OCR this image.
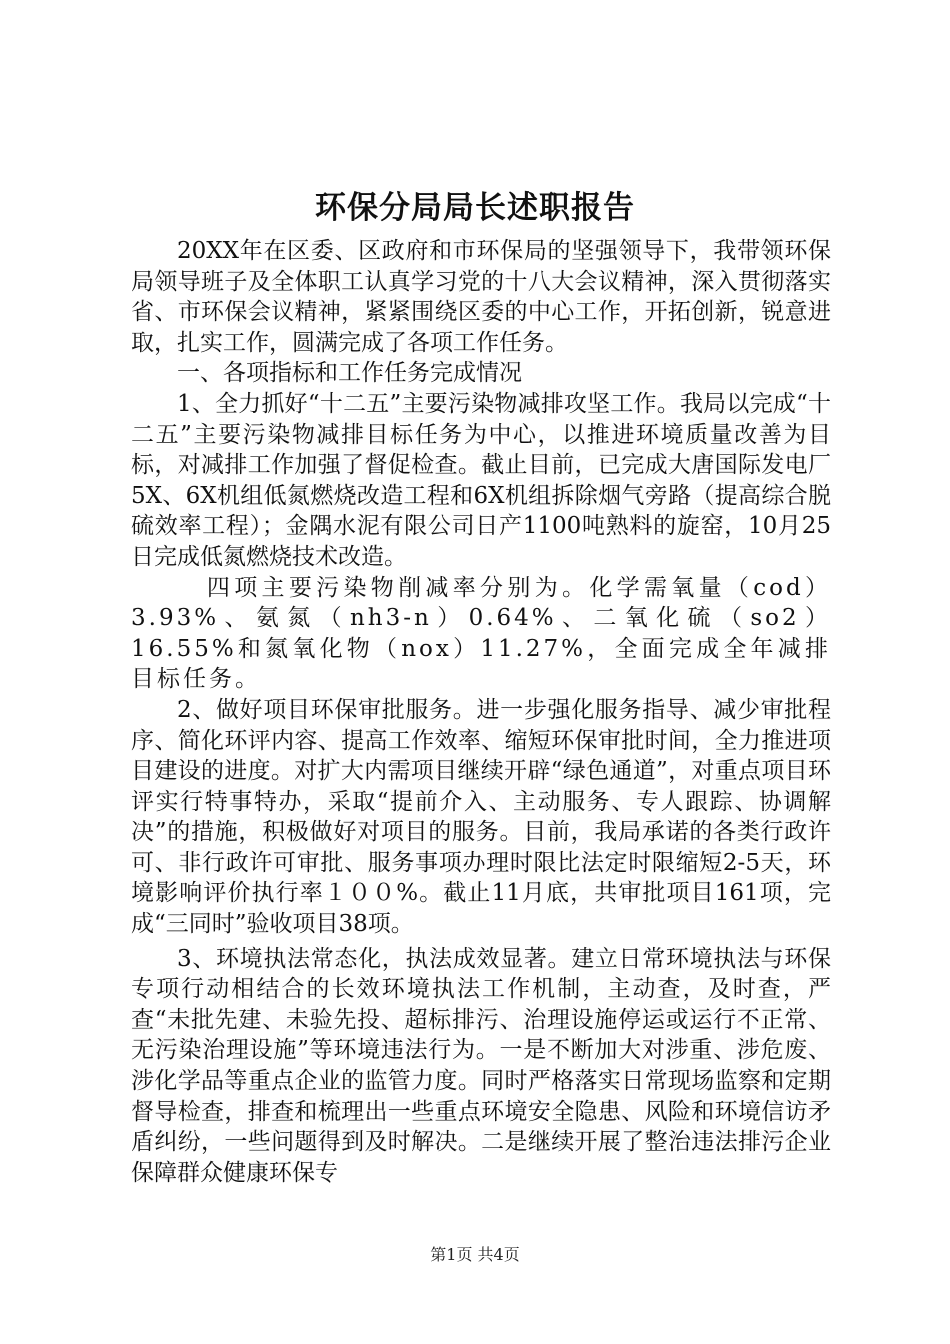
环保分局局长述职报告

20XX年在区委、区政府和市环保局的坚强领导下，我带领环保局领导班子及全体职工认真学习党的十八大会议精神，深入贯彻落实省、市环保会议精神，紧紧围绕区委的中心工作，开拓创新，锐意进取，扎实工作，圆满完成了各项工作任务。

一、各项指标和工作任务完成情况

1、全力抓好“十二五”主要污染物减排攻坚工作。我局以完成“十二五”主要污染物减排目标任务为中心，以推进环境质量改善为目标，对减排工作加强了督促检查。截止目前，已完成大唐国际发电厂5X、6X机组低氮燃烧改造工程和6X机组拆除烟气旁路（提高综合脱硫效率工程）；金隅水泥有限公司日产1100吨熟料的旋窑，10月25日完成低氮燃烧技术改造。

四项主要污染物削减率分别为。化学需氧量（cod）3.93%、氨氮（nh3-n）0.64%、二氧化硫（so2）16.55%和氮氧化物（nox）11.27%，全面完成全年减排目标任务。

2、做好项目环保审批服务。进一步强化服务指导、减少审批程序、简化环评内容、提高工作效率、缩短环保审批时间，全力推进项目建设的进度。对扩大内需项目继续开辟“绿色通道”，对重点项目环评实行特事特办，采取“提前介入、主动服务、专人跟踪、协调解决”的措施，积极做好对项目的服务。目前，我局承诺的各类行政许可、非行政许可审批、服务事项办理时限比法定时限缩短2-5天，环境影响评价执行率１００%。截止11月底，共审批项目161项，完成“三同时”验收项目38项。

3、环境执法常态化，执法成效显著。建立日常环境执法与环保专项行动相结合的长效环境执法工作机制，主动查，及时查，严查“未批先建、未验先投、超标排污、治理设施停运或运行不正常、无污染治理设施”等环境违法行为。一是不断加大对涉重、涉危废、涉化学品等重点企业的监管力度。同时严格落实日常现场监察和定期督导检查，排查和梳理出一些重点环境安全隐患、风险和环境信访矛盾纠纷，一些问题得到及时解决。二是继续开展了整治违法排污企业保障群众健康环保专

第1页 共4页
